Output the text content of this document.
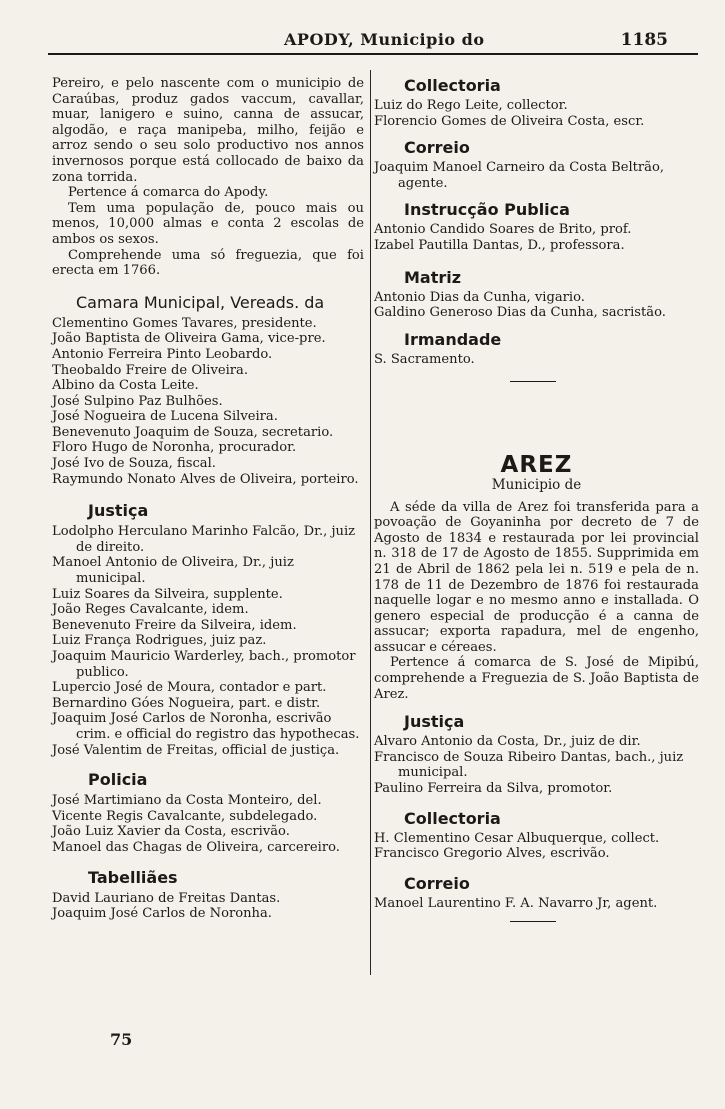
APODY, Municipio do	1185

Pereiro, e pelo nascente com o municipio de Caraúbas, produz gados vaccum, cavallar, muar, lanigero e suino, canna de assucar, algodão, e raça manipeba, milho, feijão e arroz sendo o seu solo productivo nos annos invernosos porque está collocado de baixo da zona torrida.

Pertence á comarca do Apody.

Tem uma população de, pouco mais ou menos, 10,000 almas e conta 2 escolas de ambos os sexos.

Comprehende uma só freguezia, que foi erecta em 1766.

Camara Municipal, Vereads. da

Clementino Gomes Tavares, presidente.

João Baptista de Oliveira Gama, vice-pre.

Antonio Ferreira Pinto Leobardo.

Theobaldo Freire de Oliveira.

Albino da Costa Leite.

José Sulpino Paz Bulhões.

José Nogueira de Lucena Silveira.

Benevenuto Joaquim de Souza, secretario.

Floro Hugo de Noronha, procurador.

José Ivo de Souza, fiscal.

Raymundo Nonato Alves de Oliveira, porteiro.

Justiça

Lodolpho Herculano Marinho Falcão, Dr., juiz de direito.

Manoel Antonio de Oliveira, Dr., juiz municipal.

Luiz Soares da Silveira, supplente.

João Reges Cavalcante, idem.

Benevenuto Freire da Silveira, idem.

Luiz França Rodrigues, juiz paz.

Joaquim Mauricio Warderley, bach., promotor publico.

Lupercio José de Moura, contador e part.

Bernardino Góes Nogueira, part. e distr.

Joaquim José Carlos de Noronha, escrivão crim. e official do registro das hypothecas.

José Valentim de Freitas, official de justiça.

Policia

José Martimiano da Costa Monteiro, del.

Vicente Regis Cavalcante, subdelegado.

João Luiz Xavier da Costa, escrivão.

Manoel das Chagas de Oliveira, carcereiro.

Tabelliães

David Lauriano de Freitas Dantas.

Joaquim José Carlos de Noronha.

Collectoria

Luiz do Rego Leite, collector.

Florencio Gomes de Oliveira Costa, escr.

Correio

Joaquim Manoel Carneiro da Costa Beltrão, agente.

Instrucção Publica

Antonio Candido Soares de Brito, prof.

Izabel Pautilla Dantas, D., professora.

Matriz

Antonio Dias da Cunha, vigario.

Galdino Generoso Dias da Cunha, sacristão.

Irmandade

S. Sacramento.

AREZ
Municipio de

A séde da villa de Arez foi transferida para a povoação de Goyaninha por decreto de 7 de Agosto de 1834 e restaurada por lei provincial n. 318 de 17 de Agosto de 1855. Supprimida em 21 de Abril de 1862 pela lei n. 519 e pela de n. 178 de 11 de Dezembro de 1876 foi restaurada naquelle logar e no mesmo anno e installada. O genero especial de producção é a canna de assucar; exporta rapadura, mel de engenho, assucar e céreaes.

Pertence á comarca de S. José de Mipibú, comprehende a Freguezia de S. João Baptista de Arez.

Justiça

Alvaro Antonio da Costa, Dr., juiz de dir.

Francisco de Souza Ribeiro Dantas, bach., juiz municipal.

Paulino Ferreira da Silva, promotor.

Collectoria

H. Clementino Cesar Albuquerque, collect.

Francisco Gregorio Alves, escrivão.

Correio

Manoel Laurentino F. A. Navarro Jr, agent.

75
